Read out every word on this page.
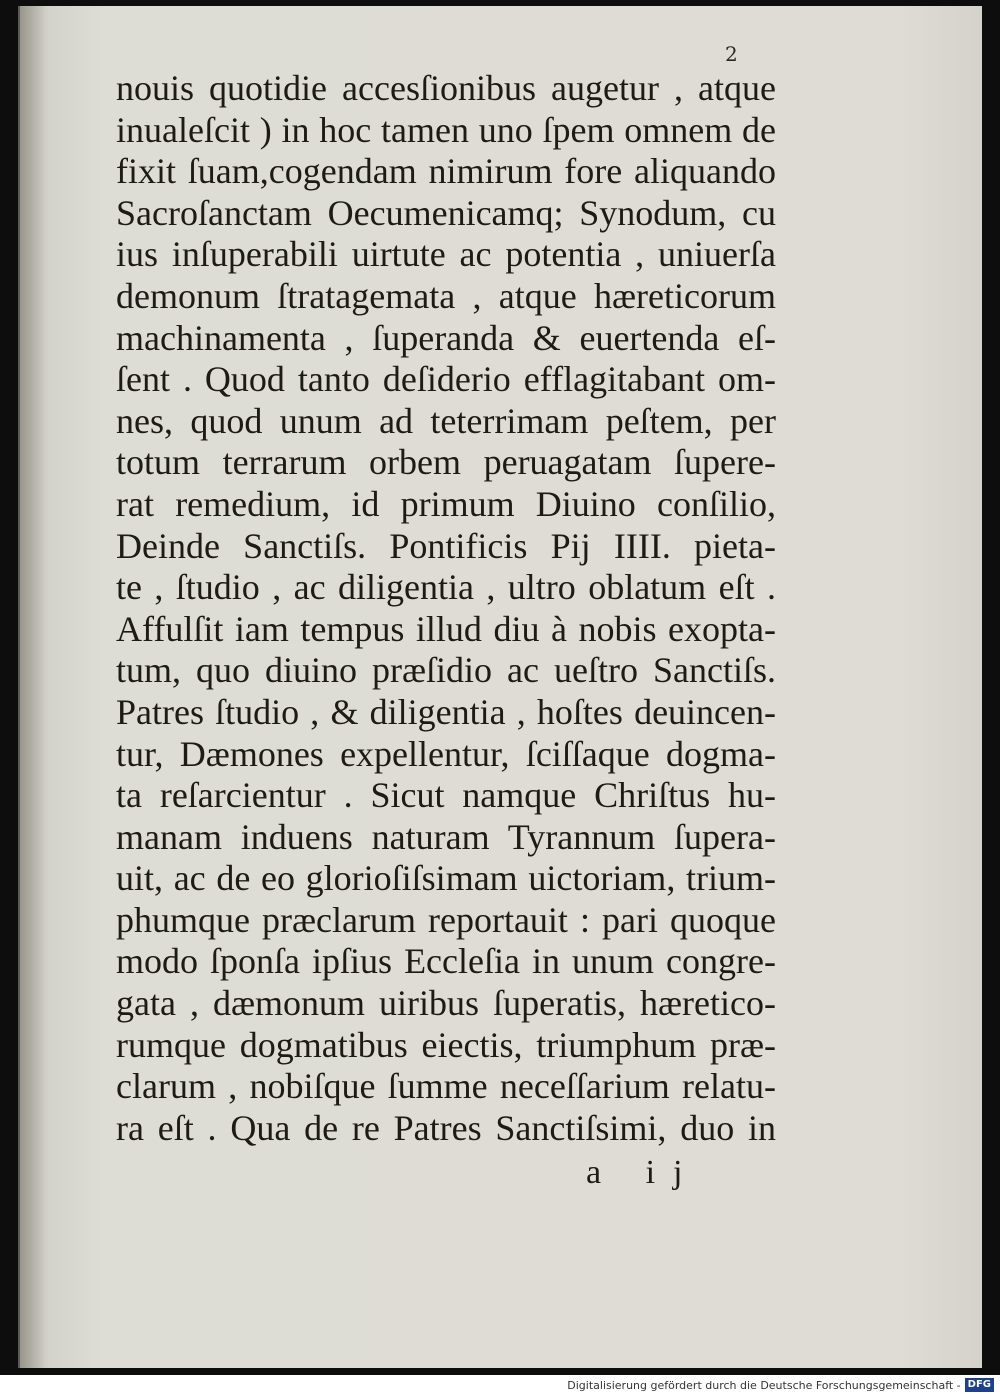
2
nouis quotidie accesſionibus augetur , atque
inualeſcit ) in hoc tamen uno ſpem omnem de
fixit ſuam,cogendam nimirum fore aliquando
Sacroſanctam Oecumenicamq; Synodum, cu
ius inſuperabili uirtute ac potentia , uniuerſa
demonum ſtratagemata , atque hæreticorum
machinamenta , ſuperanda & euertenda eſ-
ſent . Quod tanto deſiderio efflagitabant om-
nes, quod unum ad teterrimam peſtem, per
totum terrarum orbem peruagatam ſupere-
rat remedium, id primum Diuino conſilio,
Deinde Sanctiſs. Pontificis Pij IIII. pieta-
te , ſtudio , ac diligentia , ultro oblatum eſt .
Affulſit iam tempus illud diu à nobis exopta-
tum, quo diuino præſidio ac ueſtro Sanctiſs.
Patres ſtudio , & diligentia , hoſtes deuincen-
tur, Dæmones expellentur, ſciſſaque dogma-
ta reſarcientur . Sicut namque Chriſtus hu-
manam induens naturam Tyrannum ſupera-
uit, ac de eo glorioſiſsimam uictoriam, trium-
phumque præclarum reportauit : pari quoque
modo ſponſa ipſius Eccleſia in unum congre-
gata , dæmonum uiribus ſuperatis, hæretico-
rumque dogmatibus eiectis, triumphum præ-
clarum , nobiſque ſumme neceſſarium relatu-
ra eſt . Qua de re Patres Sanctiſsimi, duo in
a ij
Digitalisierung gefördert durch die Deutsche Forschungsgemeinschaft - DFG
